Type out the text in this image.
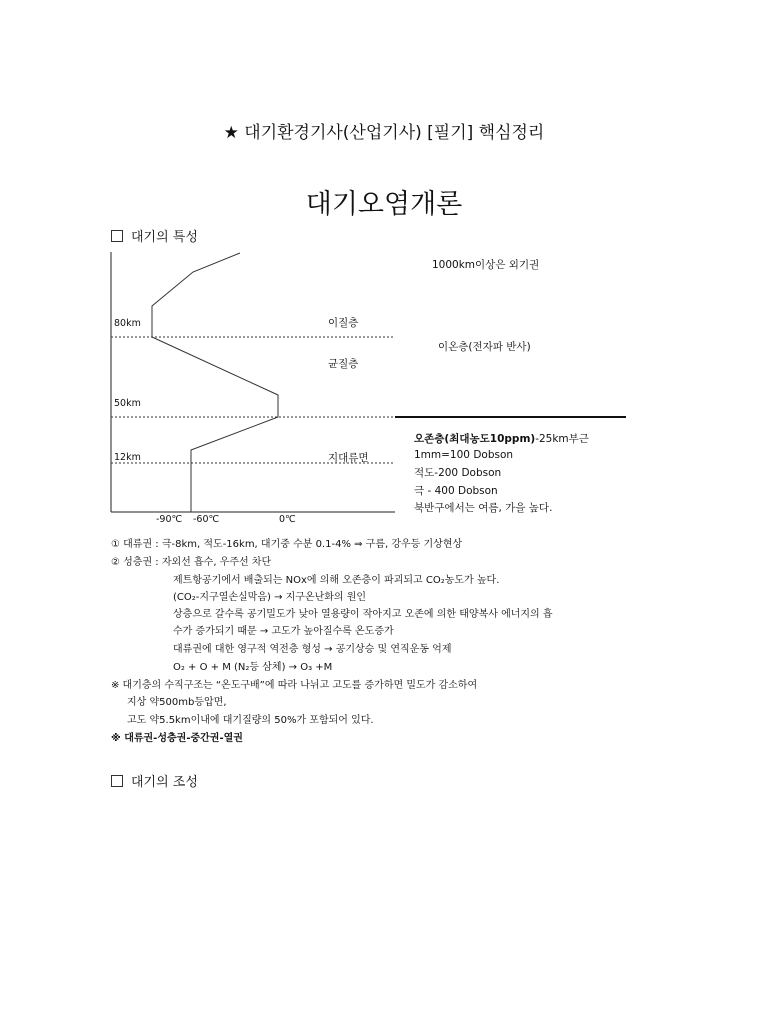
★ 대기환경기사(산업기사) [필기] 핵심정리
대기오염개론
대기의 특성
80km
50km
12km
-90℃ -60℃	0℃
이질층
균질층
지대류면
1000km이상은 외기권
이온층(전자파 반사)
오존층(최대농도10ppm)-25km부근
1mm=100 Dobson
적도-200 Dobson
극 - 400 Dobson
북반구에서는 여름, 가을 높다.
① 대류권 : 극-8km, 적도-16km, 대기중 수분 0.1-4% ⇒ 구름, 강우등 기상현상
② 성층권 : 자외선 흡수, 우주선 차단
제트항공기에서 배출되는 NOx에 의해 오존층이 파괴되고 CO₂농도가 높다.
(CO₂-지구열손실막음) → 지구온난화의 원인
상층으로 갈수록 공기밀도가 낮아 열용량이 작아지고 오존에 의한 태양복사 에너지의 흡
수가 증가되기 때문 → 고도가 높아질수록 온도증가
대류권에 대한 영구적 역전층 형성 → 공기상승 및 연직운동 억제
O₂ + O + M (N₂등 삼체) → O₃ +M
※ 대기층의 수직구조는 “온도구배”에 따라 나뉘고 고도를 증가하면 밀도가 감소하여
지상 약500mb등압면,
고도 약5.5km이내에 대기질량의 50%가 포함되어 있다.
※ 대류권-성층권-중간권-열권
대기의 조성
